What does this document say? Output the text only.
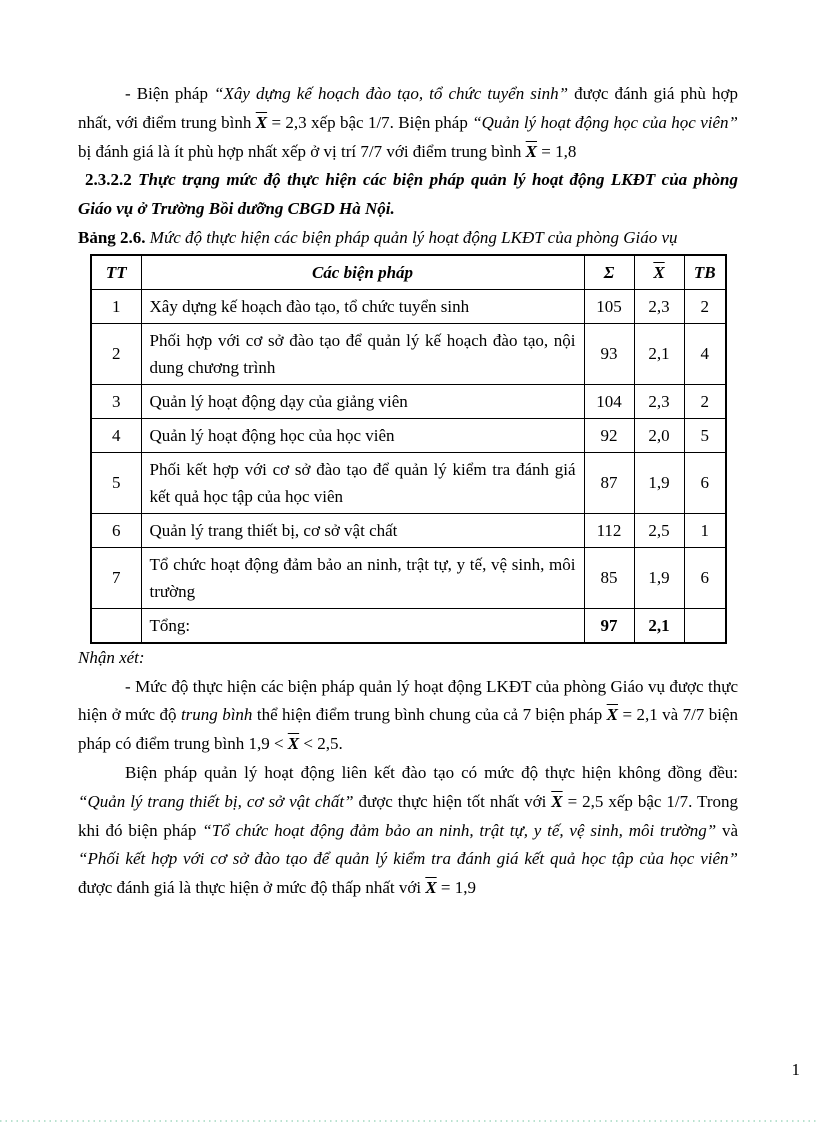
- Biện pháp “Xây dựng kế hoạch đào tạo, tổ chức tuyển sinh” được đánh giá phù hợp nhất, với điểm trung bình $\overline{X} = 2,3$ xếp bậc 1/7. Biện pháp “Quản lý hoạt động học của học viên” bị đánh giá là ít phù hợp nhất xếp ở vị trí 7/7 với điểm trung bình $\overline{X} = 1,8$

2.3.2.2 Thực trạng mức độ thực hiện các biện pháp quản lý hoạt động LKĐT của phòng Giáo vụ ở Trường Bồi dưỡng CBGD Hà Nội.

Bảng 2.6. Mức độ thực hiện các biện pháp quản lý hoạt động LKĐT của phòng Giáo vụ

TT	Các biện pháp	Σ	$\overline{X}$	TB
1	Xây dựng kế hoạch đào tạo, tổ chức tuyển sinh	105	2,3	2
2	Phối hợp với cơ sở đào tạo để quản lý kế hoạch đào tạo, nội dung chương trình	93	2,1	4
3	Quản lý hoạt động dạy của giảng viên	104	2,3	2
4	Quản lý hoạt động học của học viên	92	2,0	5
5	Phối kết hợp với cơ sở đào tạo để quản lý kiểm tra đánh giá kết quả học tập của học viên	87	1,9	6
6	Quản lý trang thiết bị, cơ sở vật chất	112	2,5	1
7	Tổ chức hoạt động đảm bảo an ninh, trật tự, y tế, vệ sinh, môi trường	85	1,9	6
	Tổng:	97	2,1	

Nhận xét:

- Mức độ thực hiện các biện pháp quản lý hoạt động LKĐT của phòng Giáo vụ được thực hiện ở mức độ trung bình thể hiện điểm trung bình chung của cả 7 biện pháp $\overline{X} = 2,1$ và 7/7 biện pháp có điểm trung bình $1,9 < \overline{X} < 2,5$.

Biện pháp quản lý hoạt động liên kết đào tạo có mức độ thực hiện không đồng đều: “Quản lý trang thiết bị, cơ sở vật chất” được thực hiện tốt nhất với $\overline{X} = 2,5$ xếp bậc 1/7. Trong khi đó biện pháp “Tổ chức hoạt động đảm bảo an ninh, trật tự, y tế, vệ sinh, môi trường” và “Phối kết hợp với cơ sở đào tạo để quản lý kiểm tra đánh giá kết quả học tập của học viên” được đánh giá là thực hiện ở mức độ thấp nhất với $\overline{X} = 1,9$

1
